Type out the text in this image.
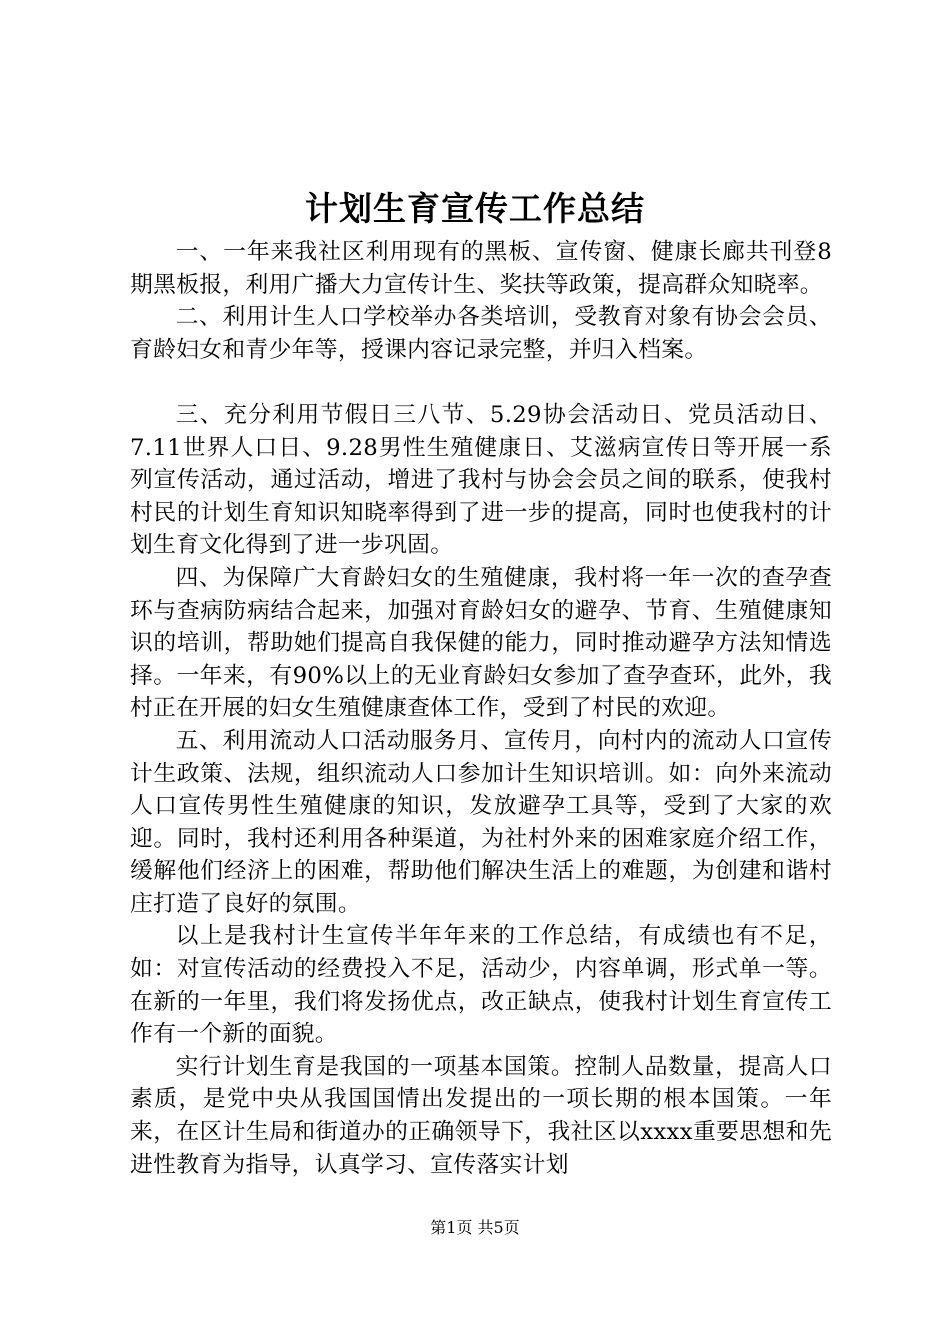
计划生育宣传工作总结

一、一年来我社区利用现有的黑板、宣传窗、健康长廊共刊登8期黑板报，利用广播大力宣传计生、奖扶等政策，提高群众知晓率。

二、利用计生人口学校举办各类培训，受教育对象有协会会员、育龄妇女和青少年等，授课内容记录完整，并归入档案。

三、充分利用节假日三八节、5.29协会活动日、党员活动日、7.11世界人口日、9.28男性生殖健康日、艾滋病宣传日等开展一系列宣传活动，通过活动，增进了我村与协会会员之间的联系，使我村村民的计划生育知识知晓率得到了进一步的提高，同时也使我村的计划生育文化得到了进一步巩固。

四、为保障广大育龄妇女的生殖健康，我村将一年一次的查孕查环与查病防病结合起来，加强对育龄妇女的避孕、节育、生殖健康知识的培训，帮助她们提高自我保健的能力，同时推动避孕方法知情选择。一年来，有90%以上的无业育龄妇女参加了查孕查环，此外，我村正在开展的妇女生殖健康查体工作，受到了村民的欢迎。

五、利用流动人口活动服务月、宣传月，向村内的流动人口宣传计生政策、法规，组织流动人口参加计生知识培训。如：向外来流动人口宣传男性生殖健康的知识，发放避孕工具等，受到了大家的欢迎。同时，我村还利用各种渠道，为社村外来的困难家庭介绍工作，缓解他们经济上的困难，帮助他们解决生活上的难题，为创建和谐村庄打造了良好的氛围。

以上是我村计生宣传半年年来的工作总结，有成绩也有不足，如：对宣传活动的经费投入不足，活动少，内容单调，形式单一等。在新的一年里，我们将发扬优点，改正缺点，使我村计划生育宣传工作有一个新的面貌。

实行计划生育是我国的一项基本国策。控制人品数量，提高人口素质，是党中央从我国国情出发提出的一项长期的根本国策。一年来，在区计生局和街道办的正确领导下，我社区以xxxx重要思想和先进性教育为指导，认真学习、宣传落实计划

第1页 共5页
